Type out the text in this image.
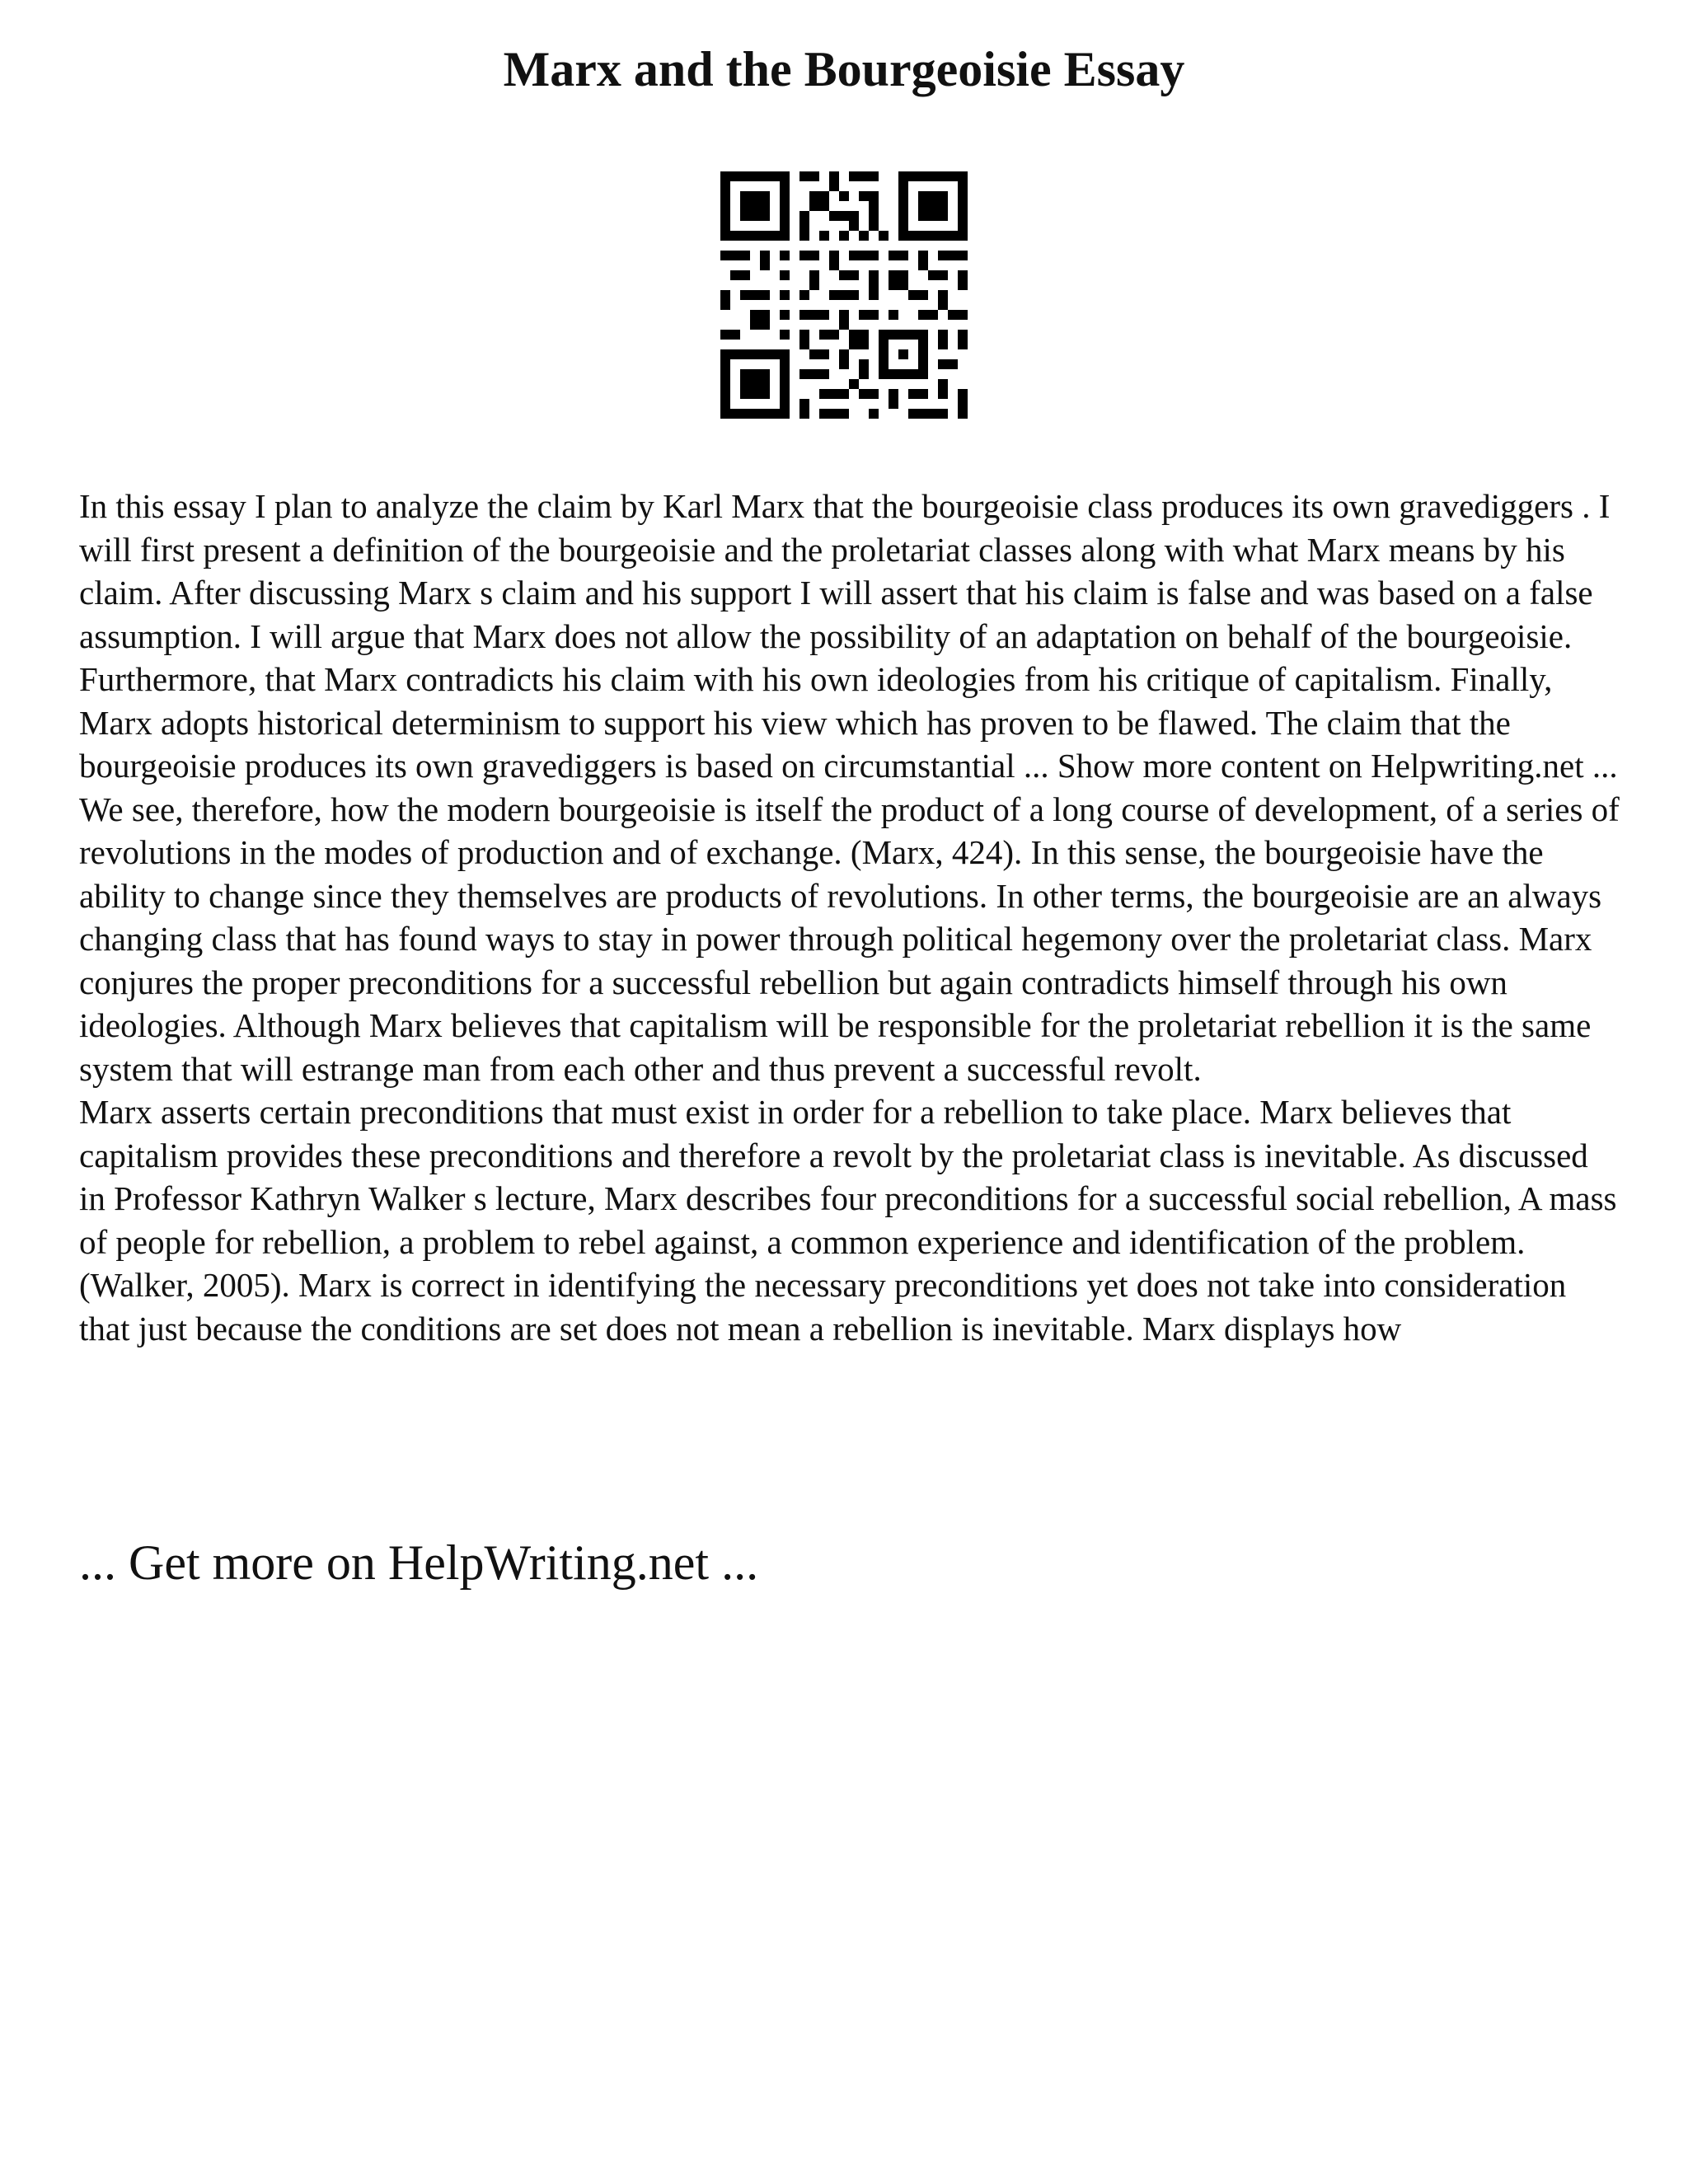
Marx and the Bourgeoisie Essay

In this essay I plan to analyze the claim by Karl Marx that the bourgeoisie class produces its own gravediggers . I will first present a definition of the bourgeoisie and the proletariat classes along with what Marx means by his claim. After discussing Marx s claim and his support I will assert that his claim is false and was based on a false assumption. I will argue that Marx does not allow the possibility of an adaptation on behalf of the bourgeoisie. Furthermore, that Marx contradicts his claim with his own ideologies from his critique of capitalism. Finally, Marx adopts historical determinism to support his view which has proven to be flawed. The claim that the bourgeoisie produces its own gravediggers is based on circumstantial ... Show more content on Helpwriting.net ...

We see, therefore, how the modern bourgeoisie is itself the product of a long course of development, of a series of revolutions in the modes of production and of exchange. (Marx, 424). In this sense, the bourgeoisie have the ability to change since they themselves are products of revolutions. In other terms, the bourgeoisie are an always changing class that has found ways to stay in power through political hegemony over the proletariat class. Marx conjures the proper preconditions for a successful rebellion but again contradicts himself through his own ideologies. Although Marx believes that capitalism will be responsible for the proletariat rebellion it is the same system that will estrange man from each other and thus prevent a successful revolt.

Marx asserts certain preconditions that must exist in order for a rebellion to take place. Marx believes that capitalism provides these preconditions and therefore a revolt by the proletariat class is inevitable. As discussed in Professor Kathryn Walker s lecture, Marx describes four preconditions for a successful social rebellion, A mass of people for rebellion, a problem to rebel against, a common experience and identification of the problem. (Walker, 2005). Marx is correct in identifying the necessary preconditions yet does not take into consideration that just because the conditions are set does not mean a rebellion is inevitable. Marx displays how

... Get more on HelpWriting.net ...
